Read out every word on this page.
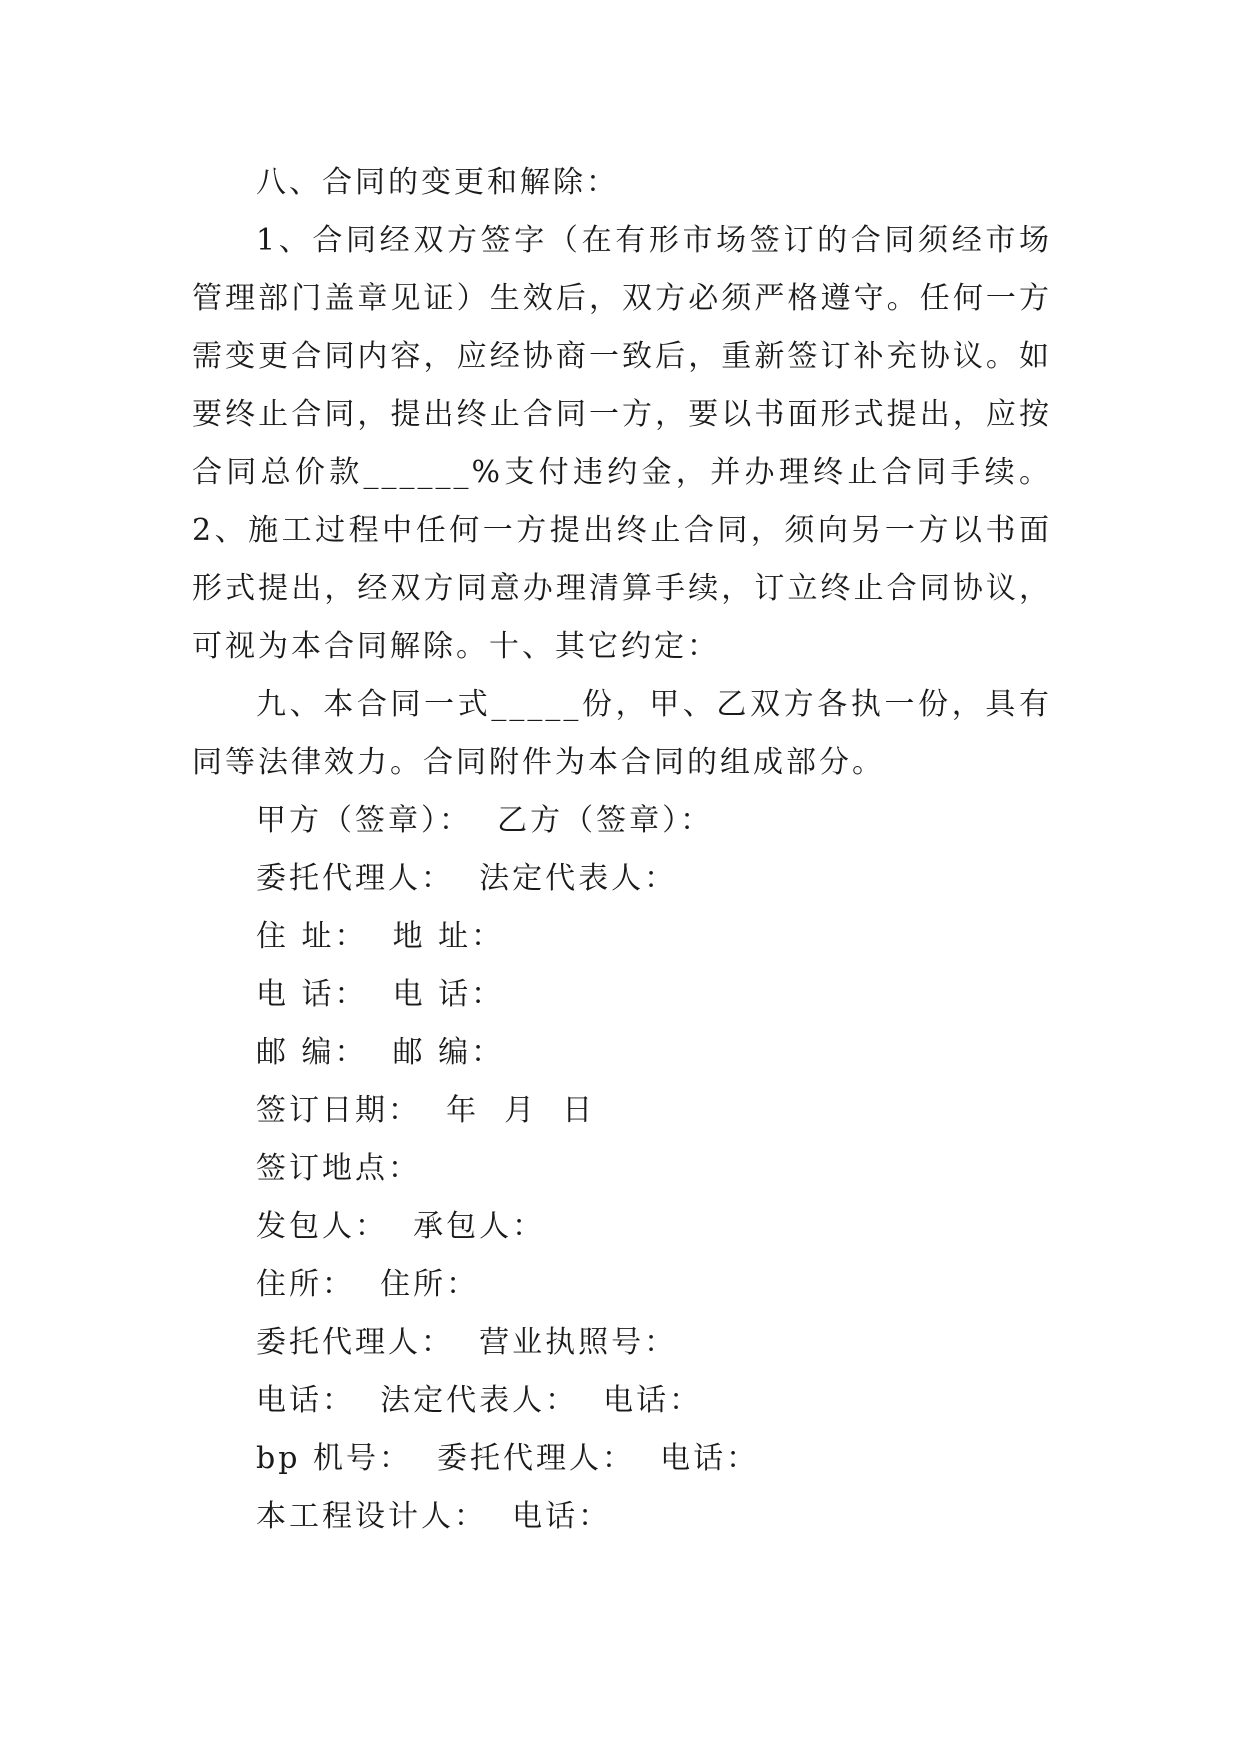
八、合同的变更和解除：

1、合同经双方签字（在有形市场签订的合同须经市场管理部门盖章见证）生效后，双方必须严格遵守。任何一方需变更合同内容，应经协商一致后，重新签订补充协议。如要终止合同，提出终止合同一方，要以书面形式提出，应按合同总价款______%支付违约金，并办理终止合同手续。2、施工过程中任何一方提出终止合同，须向另一方以书面形式提出，经双方同意办理清算手续，订立终止合同协议，可视为本合同解除。十、其它约定：

九、本合同一式_____份，甲、乙双方各执一份，具有同等法律效力。合同附件为本合同的组成部分。

甲方（签章）：  乙方（签章）：

委托代理人：  法定代表人：

住 址：  地 址：

电 话：  电 话：

邮 编：  邮 编：

签订日期：  年  月  日

签订地点：

发包人：  承包人：

住所：  住所：

委托代理人：  营业执照号：

电话：  法定代表人：  电话：

bp 机号：  委托代理人：  电话：

本工程设计人：  电话：
